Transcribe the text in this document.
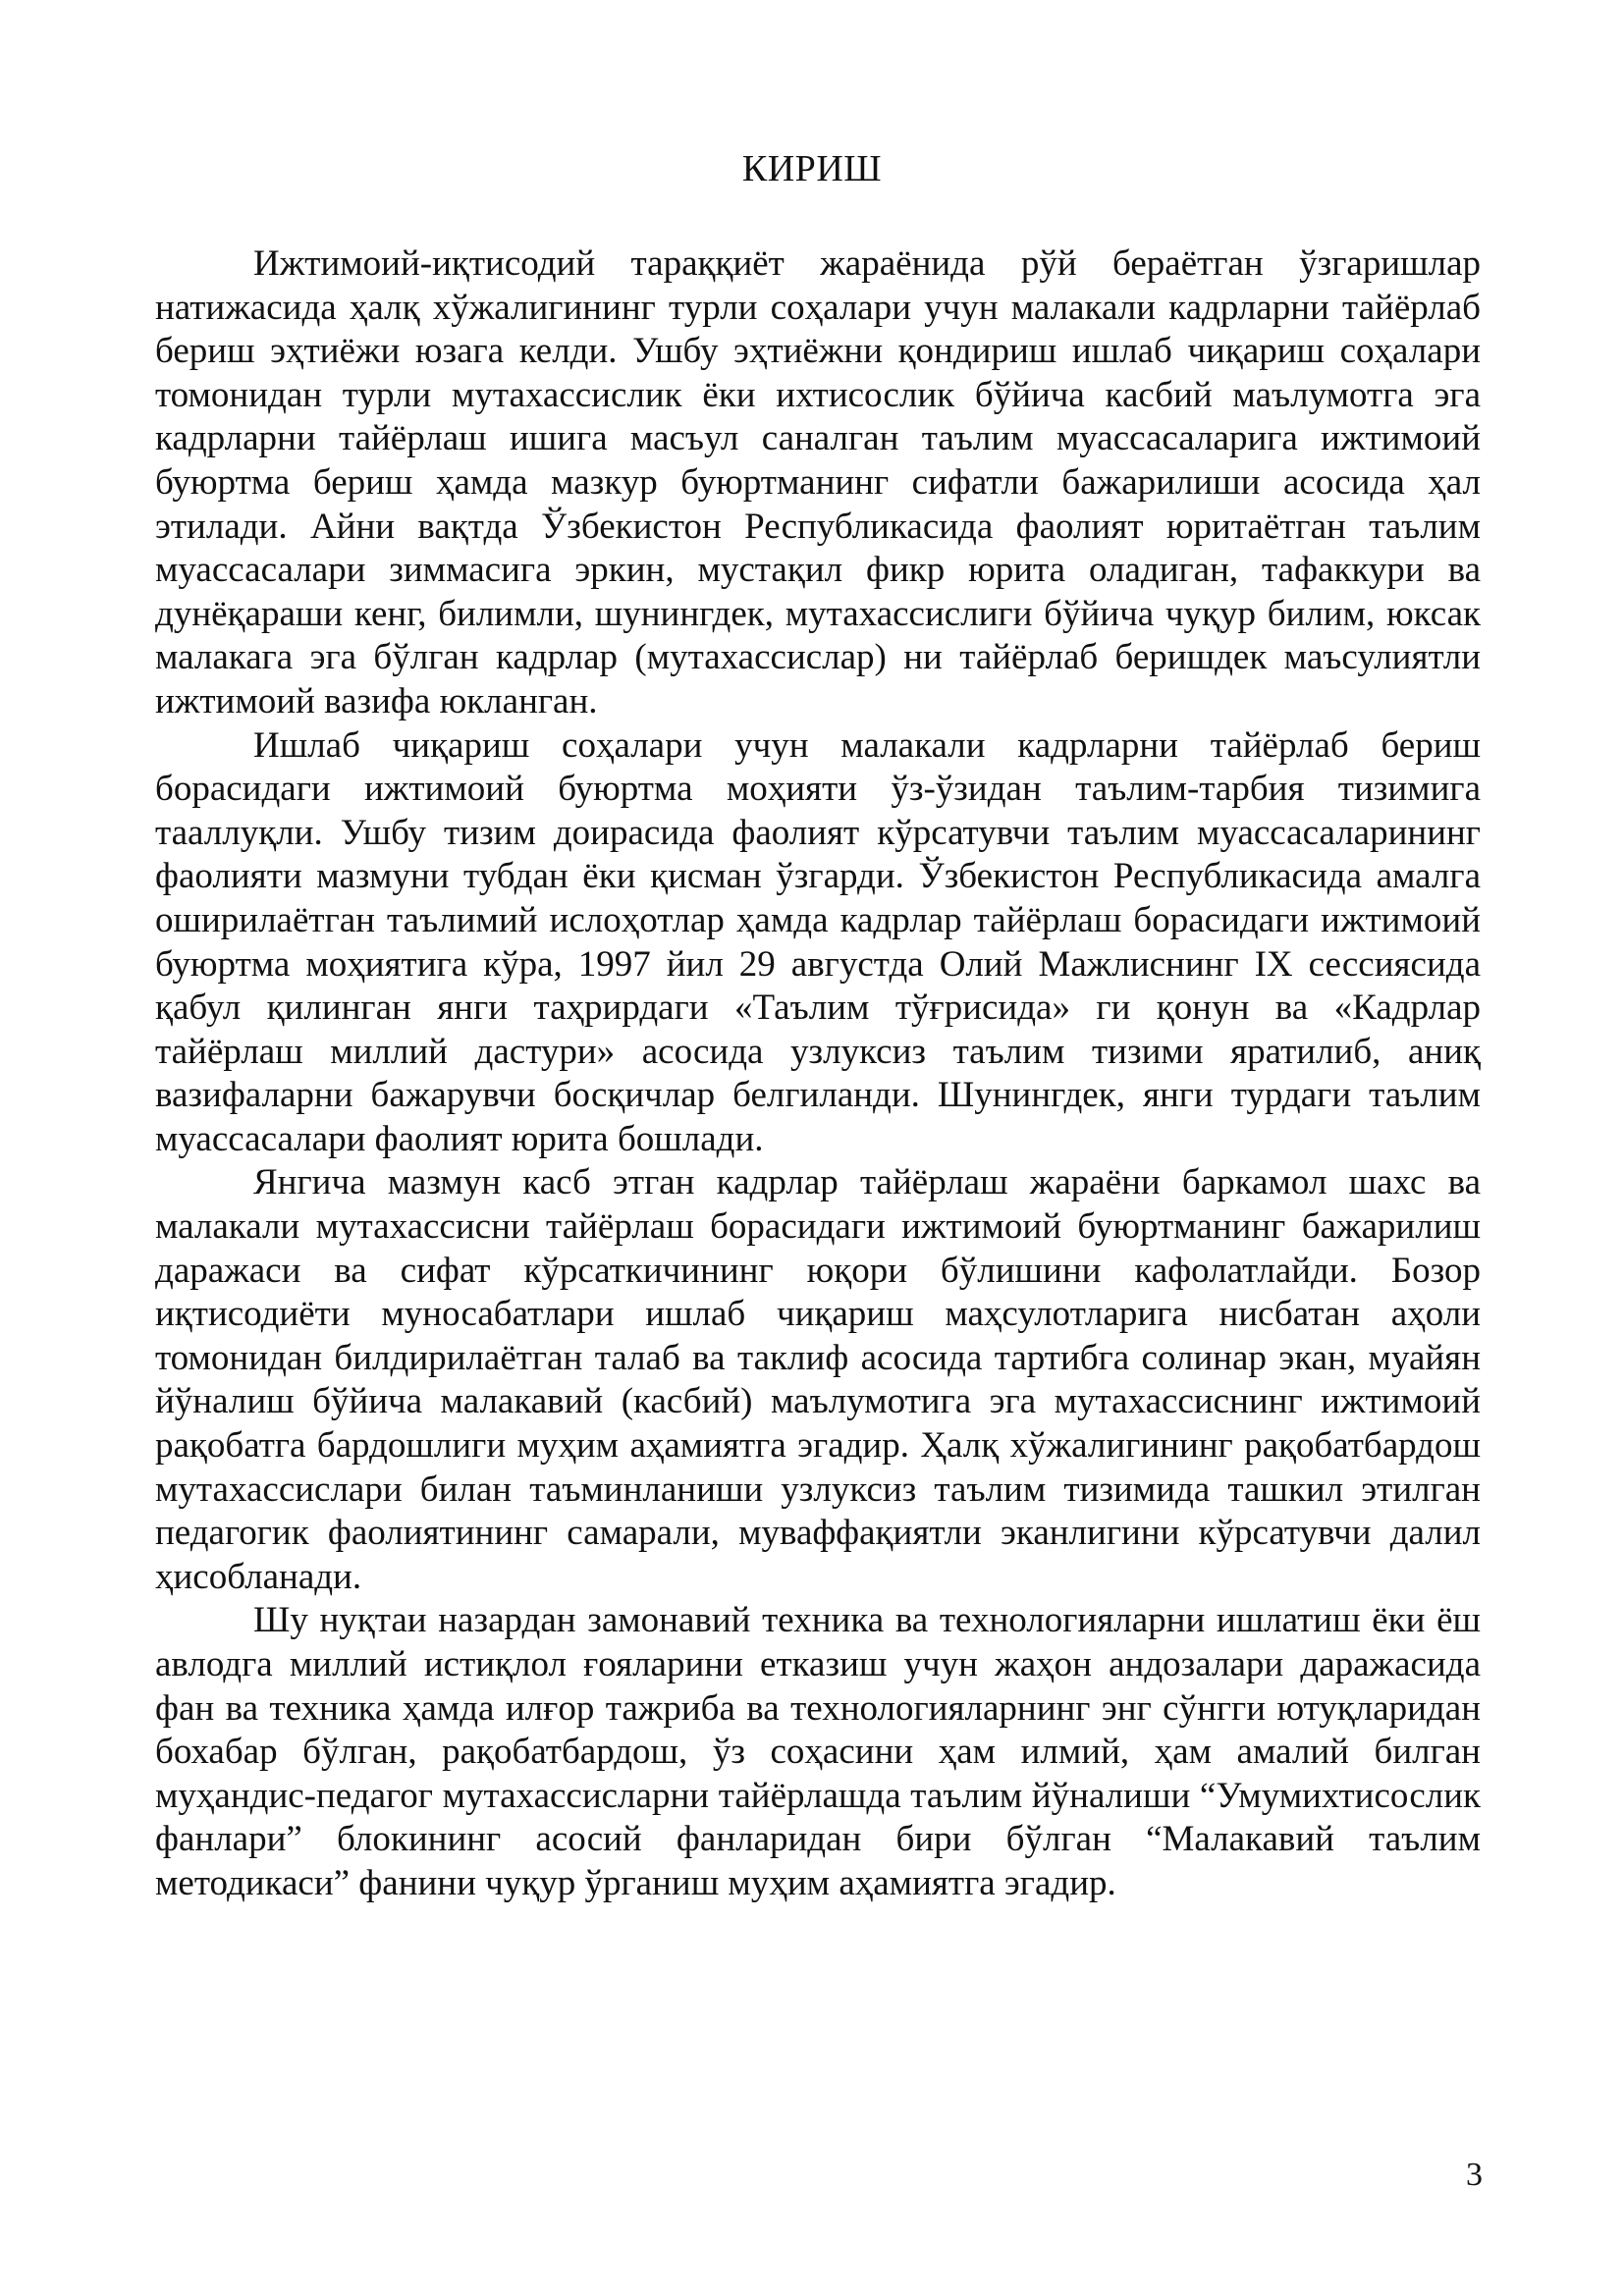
КИРИШ

Ижтимоий-иқтисодий тараққиёт жараёнида рўй бераётган ўзгаришлар натижасида ҳалқ хўжалигининг турли соҳалари учун малакали кадрларни тайёрлаб бериш эҳтиёжи юзага келди. Ушбу эҳтиёжни қондириш ишлаб чиқариш соҳалари томонидан турли мутахассислик ёки ихтисослик бўйича касбий маълумотга эга кадрларни тайёрлаш ишига масъул саналган таълим муассасаларига ижтимоий буюртма бериш ҳамда мазкур буюртманинг сифатли бажарилиши асосида ҳал этилади. Айни вақтда Ўзбекистон Республикасида фаолият юритаётган таълим муассасалари зиммасига эркин, мустақил фикр юрита оладиган, тафаккури ва дунёқараши кенг, билимли, шунингдек, мутахассислиги бўйича чуқур билим, юксак малакага эга бўлган кадрлар (мутахассислар) ни тайёрлаб беришдек маъсулиятли ижтимоий вазифа юкланган.

Ишлаб чиқариш соҳалари учун малакали кадрларни тайёрлаб бериш борасидаги ижтимоий буюртма моҳияти ўз-ўзидан таълим-тарбия тизимига тааллуқли. Ушбу тизим доирасида фаолият кўрсатувчи таълим муассасаларининг фаолияти мазмуни тубдан ёки қисман ўзгарди. Ўзбекистон Республикасида амалга оширилаётган таълимий ислоҳотлар ҳамда кадрлар тайёрлаш борасидаги ижтимоий буюртма моҳиятига кўра, 1997 йил 29 августда Олий Мажлиснинг IX сессиясида қабул қилинган янги таҳрирдаги «Таълим тўғрисида» ги қонун ва «Кадрлар тайёрлаш миллий дастури» асосида узлуксиз таълим тизими яратилиб, аниқ вазифаларни бажарувчи босқичлар белгиланди. Шунингдек, янги турдаги таълим муассасалари фаолият юрита бошлади.

Янгича мазмун касб этган кадрлар тайёрлаш жараёни баркамол шахс ва малакали мутахассисни тайёрлаш борасидаги ижтимоий буюртманинг бажарилиш даражаси ва сифат кўрсаткичининг юқори бўлишини кафолатлайди. Бозор иқтисодиёти муносабатлари ишлаб чиқариш маҳсулотларига нисбатан аҳоли томонидан билдирилаётган талаб ва таклиф асосида тартибга солинар экан, муайян йўналиш бўйича малакавий (касбий) маълумотига эга мутахассиснинг ижтимоий рақобатга бардошлиги муҳим аҳамиятга эгадир. Ҳалқ хўжалигининг рақобатбардош мутахассислари билан таъминланиши узлуксиз таълим тизимида ташкил этилган педагогик фаолиятининг самарали, муваффақиятли эканлигини кўрсатувчи далил ҳисобланади.

Шу нуқтаи назардан замонавий техника ва технологияларни ишлатиш ёки ёш авлодга миллий истиқлол ғояларини етказиш учун жаҳон андозалари даражасида фан ва техника ҳамда илғор тажриба ва технологияларнинг энг сўнгги ютуқларидан бохабар бўлган, рақобатбардош, ўз соҳасини ҳам илмий, ҳам амалий билган муҳандис-педагог мутахассисларни тайёрлашда таълим йўналиши “Умумихтисослик фанлари” блокининг асосий фанларидан бири бўлган “Малакавий таълим методикаси” фанини чуқур ўрганиш муҳим аҳамиятга эгадир.

3
